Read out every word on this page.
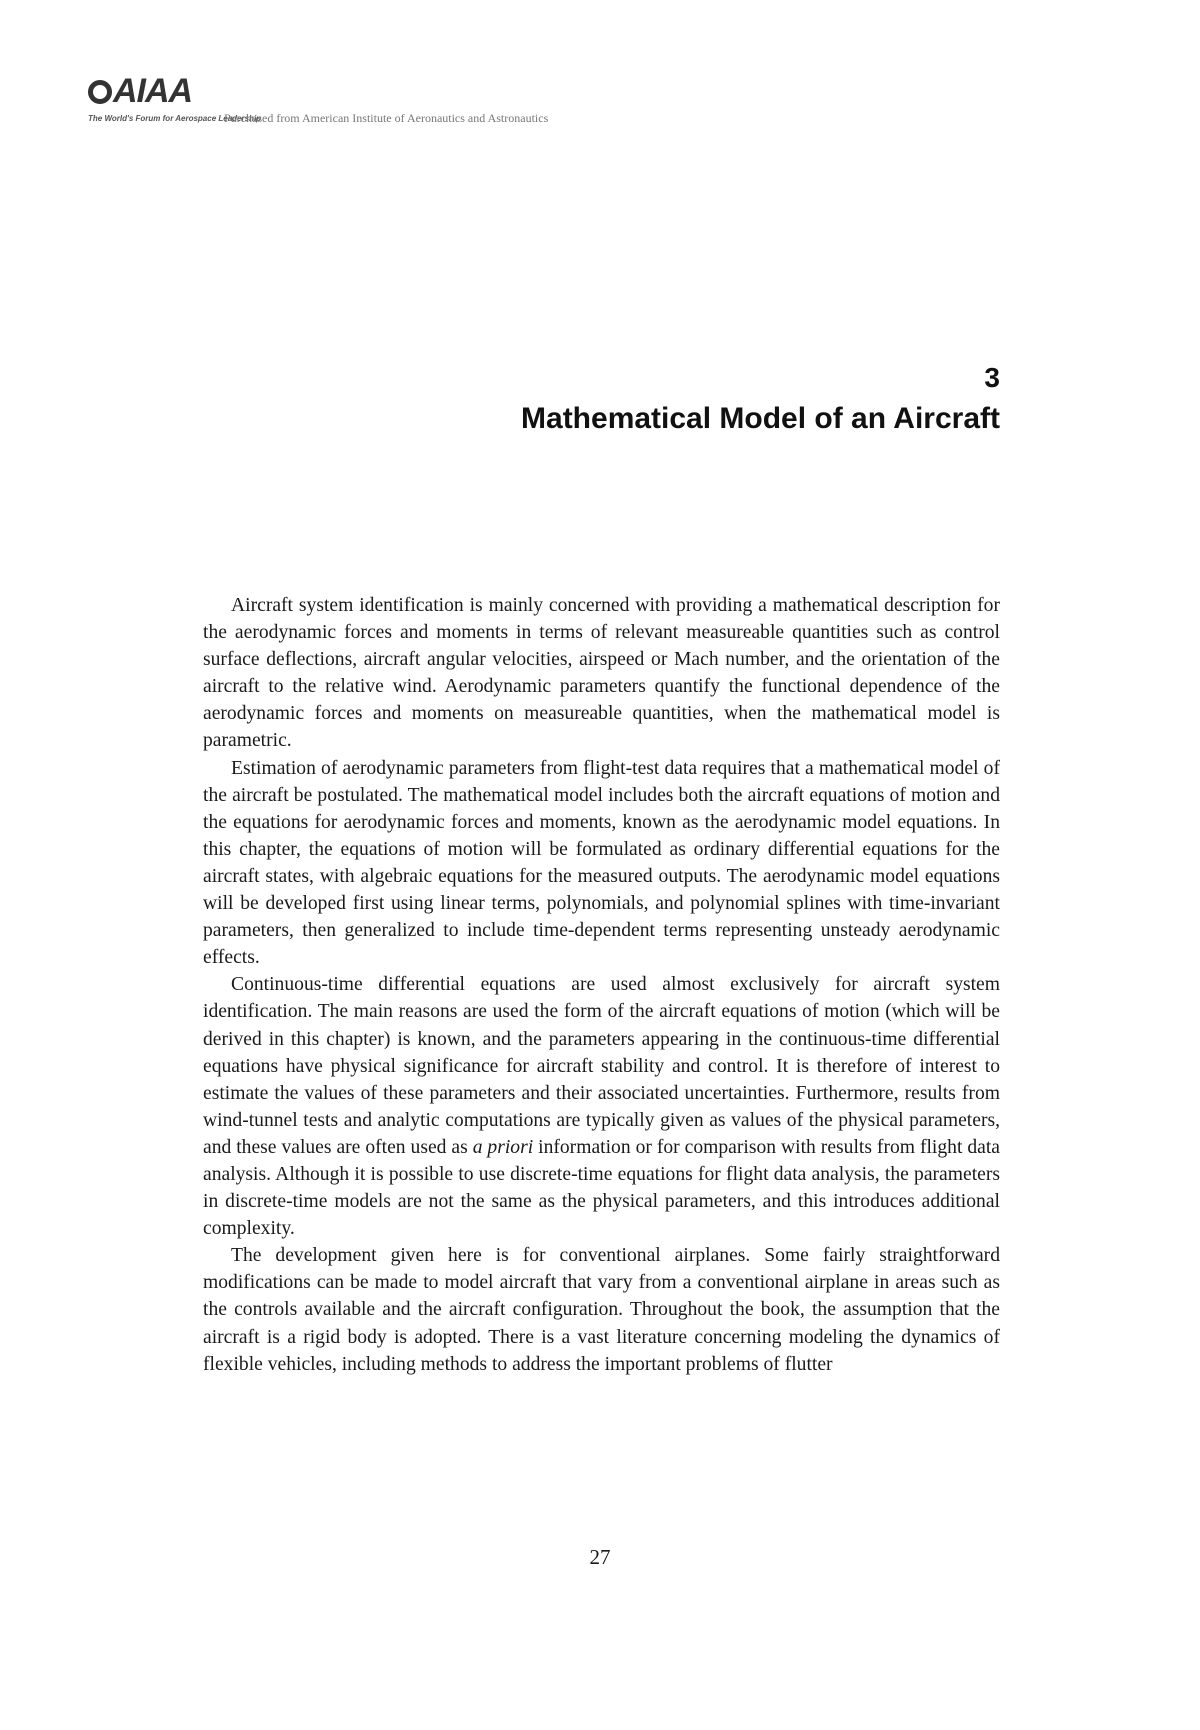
AIAA
The World's Forum for Aerospace Leadership
Purchased from American Institute of Aeronautics and Astronautics
3
Mathematical Model of an Aircraft

Aircraft system identification is mainly concerned with providing a mathematical description for the aerodynamic forces and moments in terms of relevant measureable quantities such as control surface deflections, aircraft angular velocities, airspeed or Mach number, and the orientation of the aircraft to the relative wind. Aerodynamic parameters quantify the functional dependence of the aerodynamic forces and moments on measureable quantities, when the mathematical model is parametric.

Estimation of aerodynamic parameters from flight-test data requires that a mathematical model of the aircraft be postulated. The mathematical model includes both the aircraft equations of motion and the equations for aerodynamic forces and moments, known as the aerodynamic model equations. In this chapter, the equations of motion will be formulated as ordinary differential equations for the aircraft states, with algebraic equations for the measured outputs. The aerodynamic model equations will be developed first using linear terms, polynomials, and polynomial splines with time-invariant parameters, then generalized to include time-dependent terms representing unsteady aerodynamic effects.

Continuous-time differential equations are used almost exclusively for aircraft system identification. The main reasons are used the form of the aircraft equations of motion (which will be derived in this chapter) is known, and the parameters appearing in the continuous-time differential equations have physical significance for aircraft stability and control. It is therefore of interest to estimate the values of these parameters and their associated uncertainties. Furthermore, results from wind-tunnel tests and analytic computations are typically given as values of the physical parameters, and these values are often used as a priori information or for comparison with results from flight data analysis. Although it is possible to use discrete-time equations for flight data analysis, the parameters in discrete-time models are not the same as the physical parameters, and this introduces additional complexity.

The development given here is for conventional airplanes. Some fairly straightforward modifications can be made to model aircraft that vary from a conventional airplane in areas such as the controls available and the aircraft configuration. Throughout the book, the assumption that the aircraft is a rigid body is adopted. There is a vast literature concerning modeling the dynamics of flexible vehicles, including methods to address the important problems of flutter

27
